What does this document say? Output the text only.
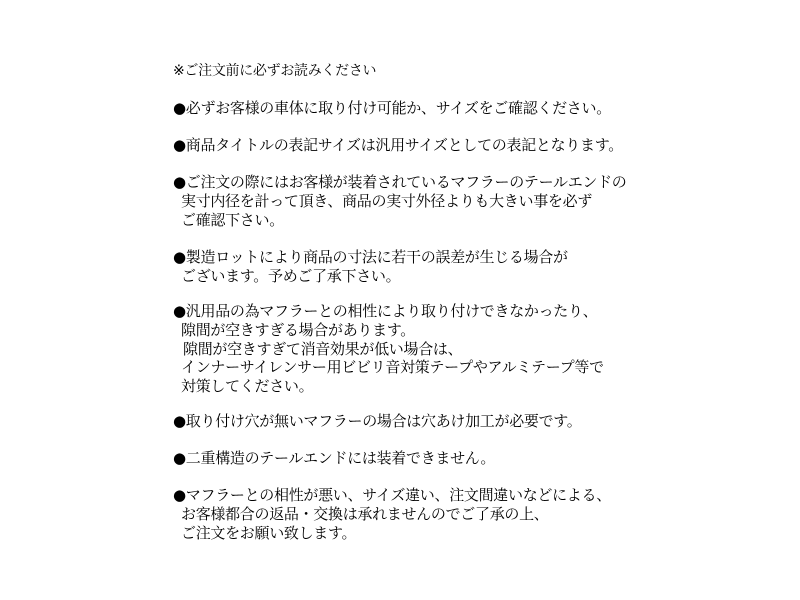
※ご注文前に必ずお読みください
●必ずお客様の車体に取り付け可能か、サイズをご確認ください。
●商品タイトルの表記サイズは汎用サイズとしての表記となります。
●ご注文の際にはお客様が装着されているマフラーのテールエンドの
実寸内径を計って頂き、商品の実寸外径よりも大きい事を必ず
ご確認下さい。
●製造ロットにより商品の寸法に若干の誤差が生じる場合が
ございます。予めご了承下さい。
●汎用品の為マフラーとの相性により取り付けできなかったり、
隙間が空きすぎる場合があります。
隙間が空きすぎて消音効果が低い場合は、
インナーサイレンサー用ビビリ音対策テープやアルミテープ等で
対策してください。
●取り付け穴が無いマフラーの場合は穴あけ加工が必要です。
●二重構造のテールエンドには装着できません。
●マフラーとの相性が悪い、サイズ違い、注文間違いなどによる、
お客様都合の返品・交換は承れませんのでご了承の上、
ご注文をお願い致します。
